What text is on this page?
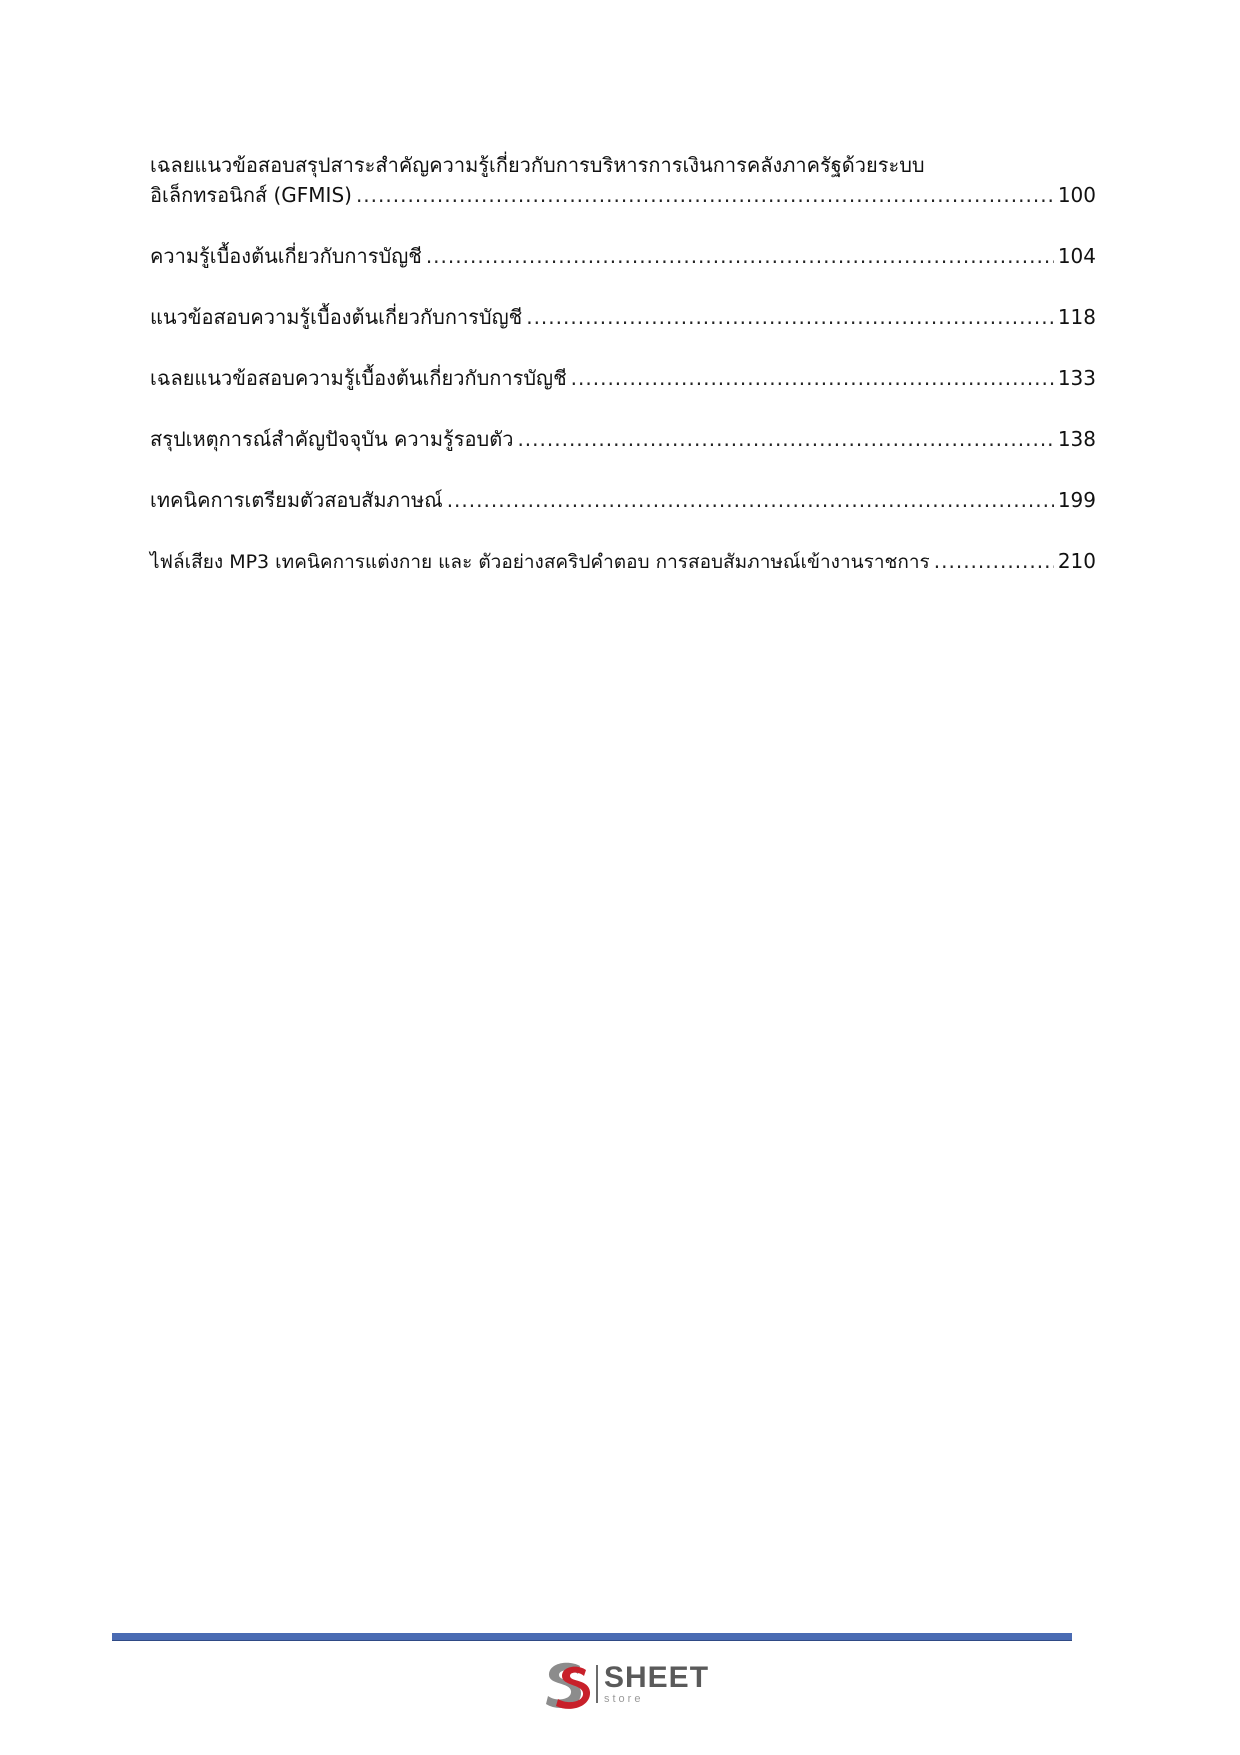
เฉลยแนวข้อสอบสรุปสาระสำคัญความรู้เกี่ยวกับการบริหารการเงินการคลังภาครัฐด้วยระบบ
อิเล็กทรอนิกส์ (GFMIS) .....	100
ความรู้เบื้องต้นเกี่ยวกับการบัญชี .....	104
แนวข้อสอบความรู้เบื้องต้นเกี่ยวกับการบัญชี .....	118
เฉลยแนวข้อสอบความรู้เบื้องต้นเกี่ยวกับการบัญชี .....	133
สรุปเหตุการณ์สำคัญปัจจุบัน ความรู้รอบตัว .....	138
เทคนิคการเตรียมตัวสอบสัมภาษณ์ .....	199
ไฟล์เสียง MP3 เทคนิคการแต่งกาย และ ตัวอย่างสคริปคำตอบ การสอบสัมภาษณ์เข้างานราชการ .....	210
SHEET
store
